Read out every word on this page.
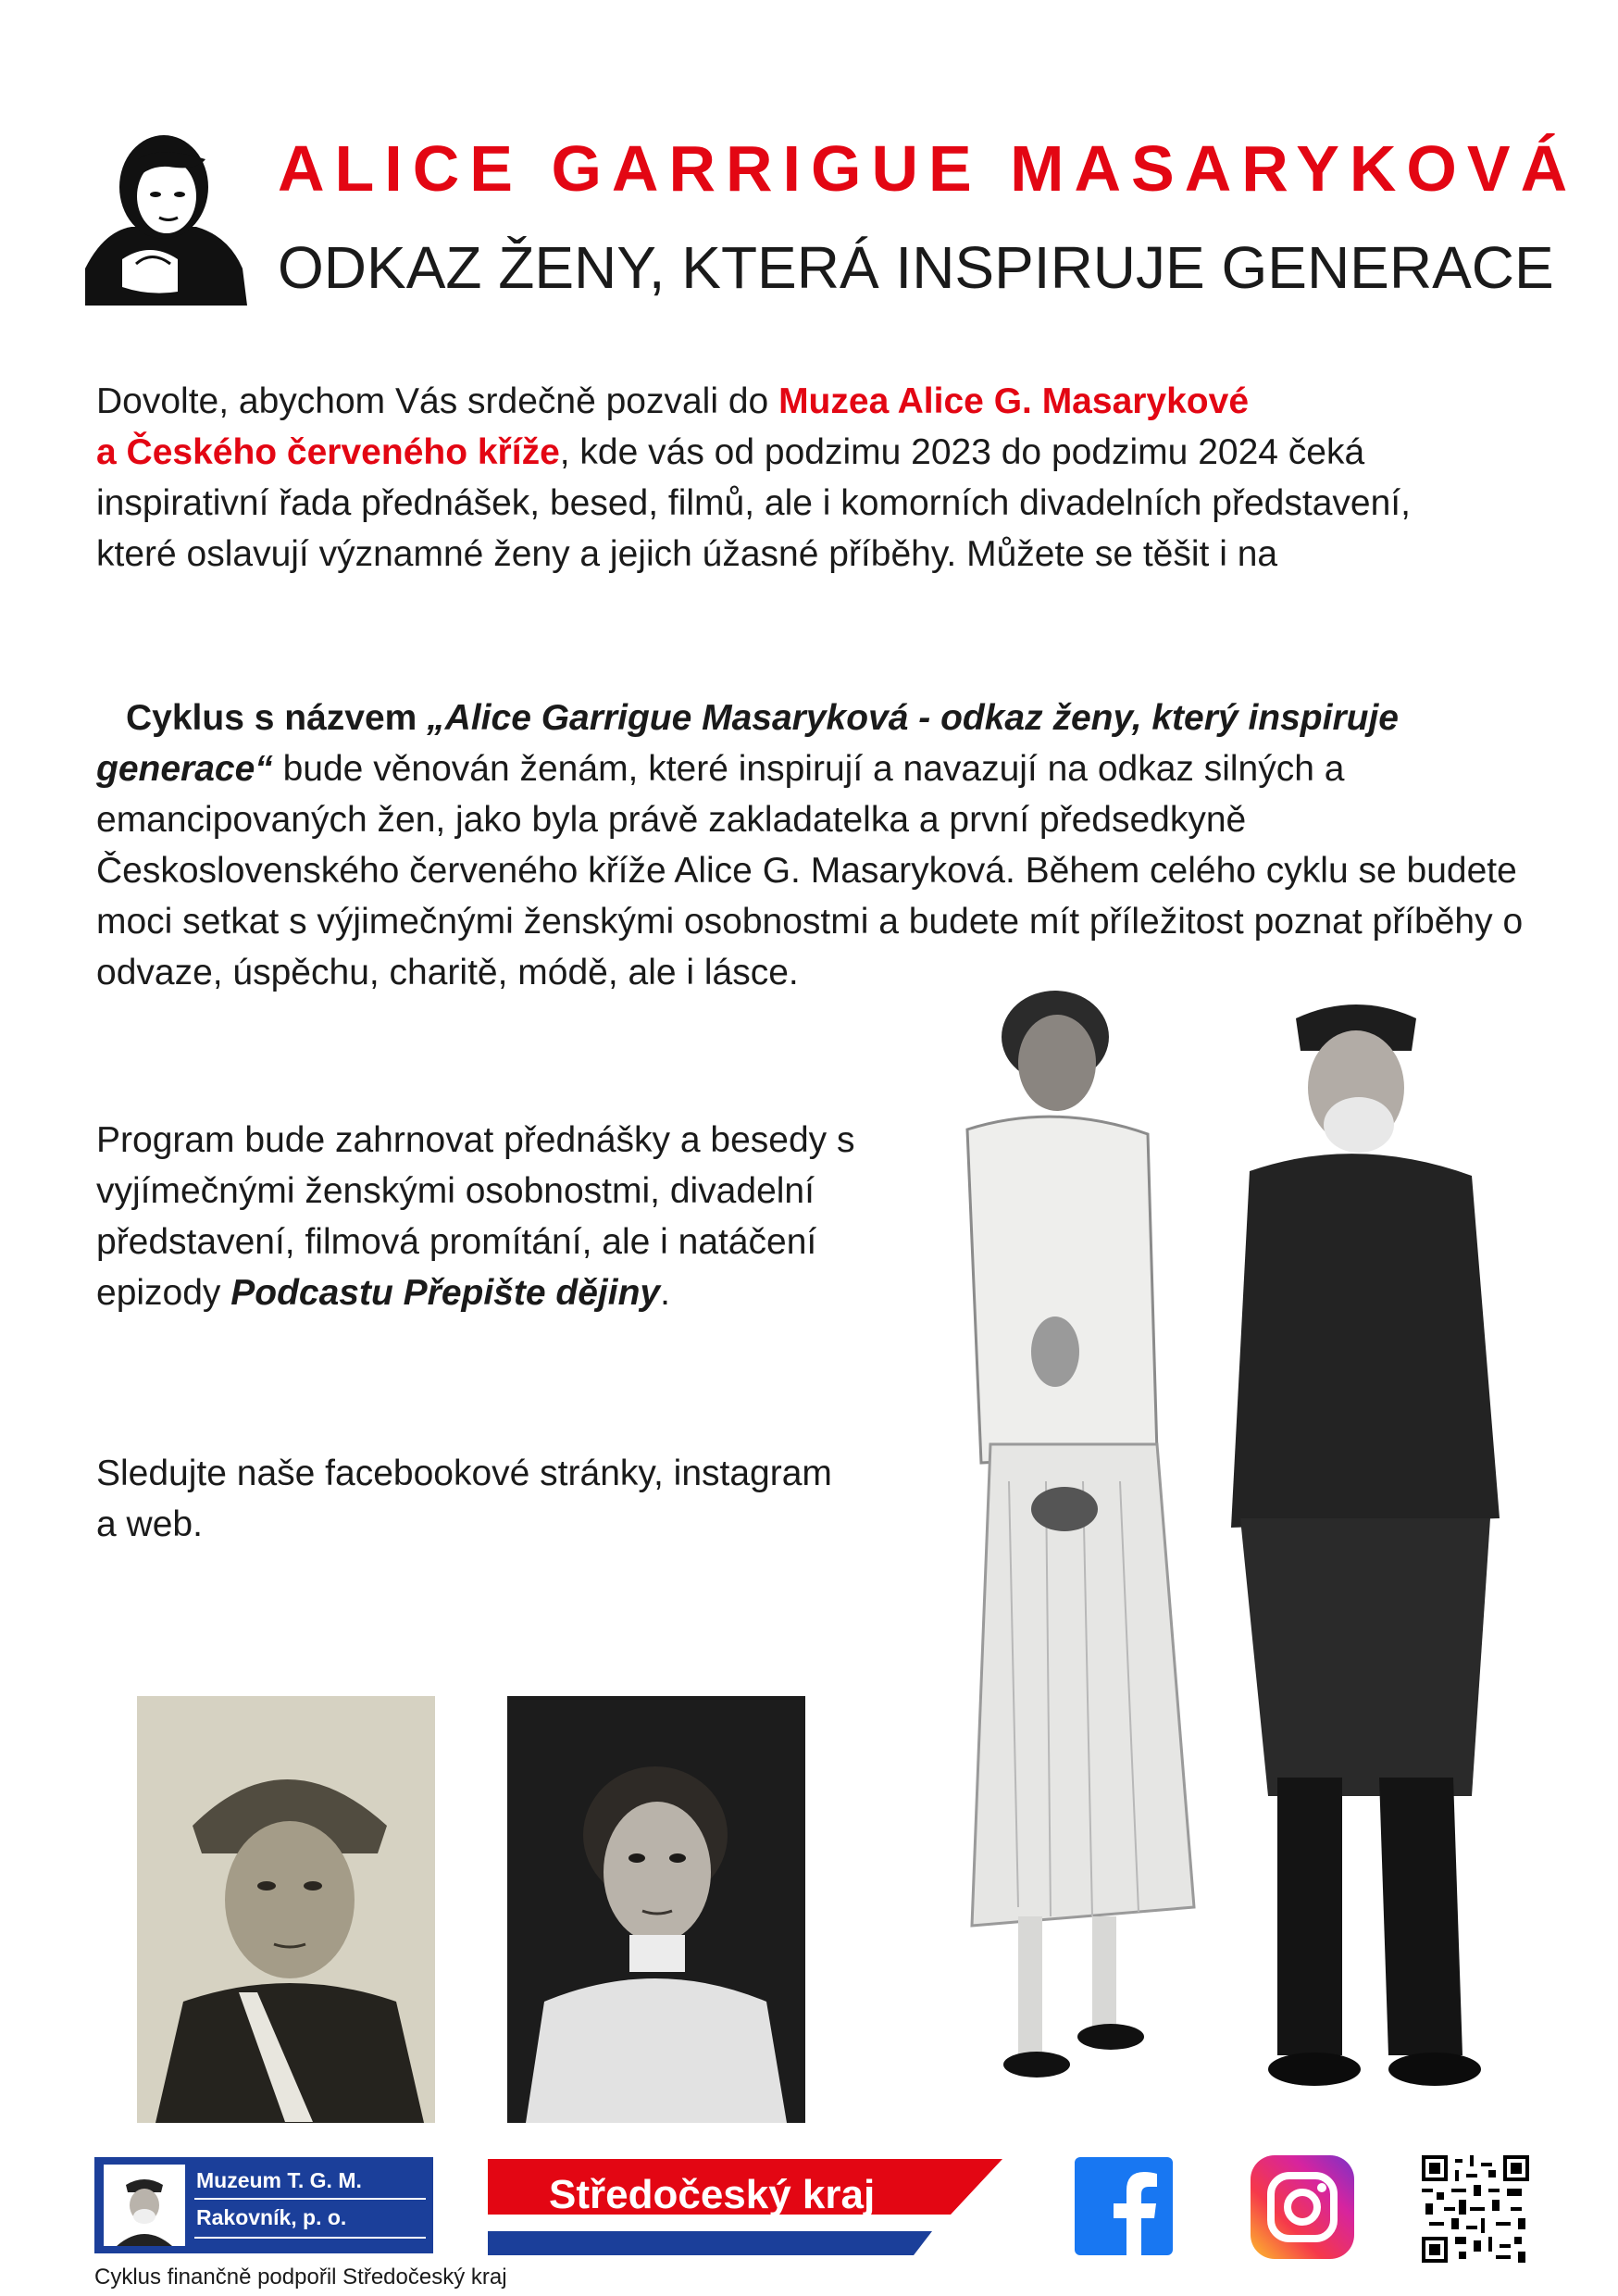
ALICE GARRIGUE MASARYKOVÁ
ODKAZ ŽENY, KTERÁ INSPIRUJE GENERACE
Dovolte, abychom Vás srdečně pozvali do Muzea Alice G. Masarykové
a Českého červeného kříže, kde vás od podzimu 2023 do podzimu 2024 čeká inspirativní řada přednášek, besed, filmů, ale i komorních divadelních představení, které oslavují významné ženy a jejich úžasné příběhy. Můžete se těšit i na
Cyklus s názvem „Alice Garrigue Masaryková - odkaz ženy, který inspiruje generace“ bude věnován ženám, které inspirují a navazují na odkaz silných a emancipovaných žen, jako byla právě zakladatelka a první předsedkyně Československého červeného kříže Alice G. Masaryková. Během celého cyklu se budete moci setkat s výjimečnými ženskými osobnostmi a budete mít příležitost poznat příběhy o odvaze, úspěchu, charitě, módě, ale i lásce.
Program bude zahrnovat přednášky a besedy s vyjímečnými ženskými osobnostmi, divadelní představení, filmová promítání, ale i natáčení epizody Podcastu Přepište dějiny.
Sledujte naše facebookové stránky, instagram a web.
Muzeum T. G. M.
Rakovník, p. o.	Středočeský kraj
Cyklus finančně podpořil Středočeský kraj
